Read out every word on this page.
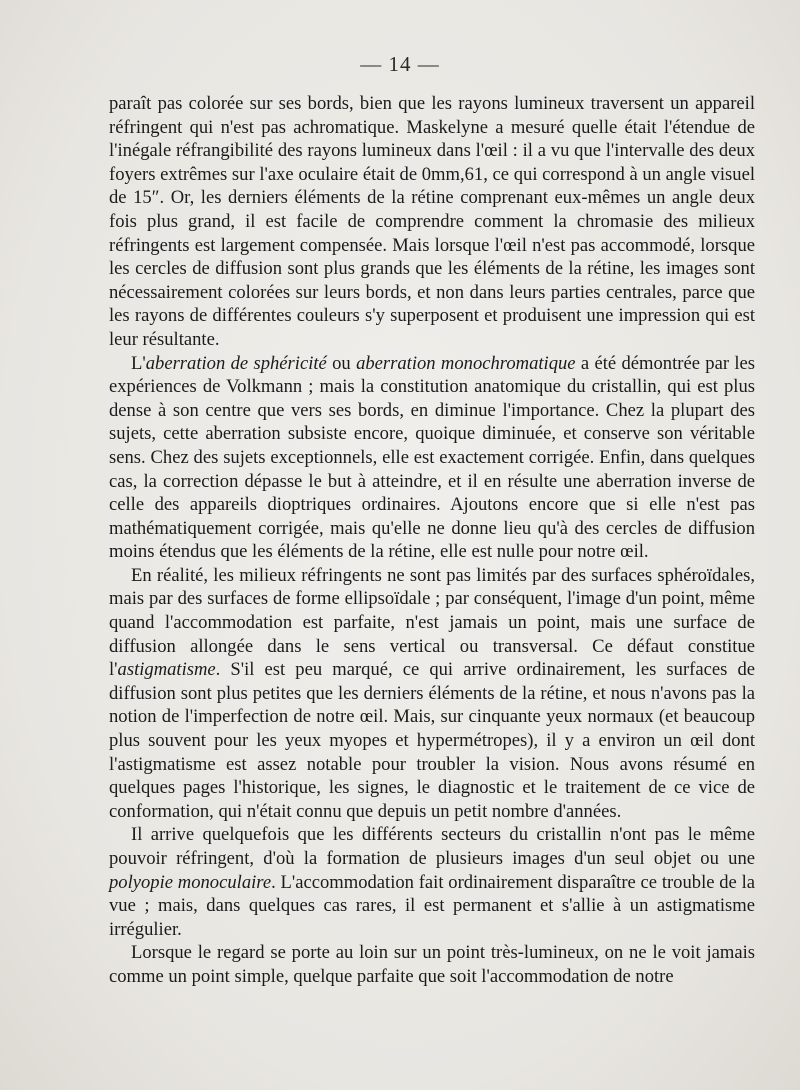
— 14 —

paraît pas colorée sur ses bords, bien que les rayons lumineux traversent un appareil réfringent qui n'est pas achromatique. Maskelyne a mesuré quelle était l'étendue de l'inégale réfrangibilité des rayons lumineux dans l'œil : il a vu que l'intervalle des deux foyers extrêmes sur l'axe oculaire était de 0mm,61, ce qui correspond à un angle visuel de 15″. Or, les derniers éléments de la rétine comprenant eux-mêmes un angle deux fois plus grand, il est facile de comprendre comment la chromasie des milieux réfringents est largement compensée. Mais lorsque l'œil n'est pas accommodé, lorsque les cercles de diffusion sont plus grands que les éléments de la rétine, les images sont nécessairement colorées sur leurs bords, et non dans leurs parties centrales, parce que les rayons de différentes couleurs s'y superposent et produisent une impression qui est leur résultante.

L'aberration de sphéricité ou aberration monochromatique a été démontrée par les expériences de Volkmann ; mais la constitution anatomique du cristallin, qui est plus dense à son centre que vers ses bords, en diminue l'importance. Chez la plupart des sujets, cette aberration subsiste encore, quoique diminuée, et conserve son véritable sens. Chez des sujets exceptionnels, elle est exactement corrigée. Enfin, dans quelques cas, la correction dépasse le but à atteindre, et il en résulte une aberration inverse de celle des appareils dioptriques ordinaires. Ajoutons encore que si elle n'est pas mathématiquement corrigée, mais qu'elle ne donne lieu qu'à des cercles de diffusion moins étendus que les éléments de la rétine, elle est nulle pour notre œil.

En réalité, les milieux réfringents ne sont pas limités par des surfaces sphéroïdales, mais par des surfaces de forme ellipsoïdale ; par conséquent, l'image d'un point, même quand l'accommodation est parfaite, n'est jamais un point, mais une surface de diffusion allongée dans le sens vertical ou transversal. Ce défaut constitue l'astigmatisme. S'il est peu marqué, ce qui arrive ordinairement, les surfaces de diffusion sont plus petites que les derniers éléments de la rétine, et nous n'avons pas la notion de l'imperfection de notre œil. Mais, sur cinquante yeux normaux (et beaucoup plus souvent pour les yeux myopes et hypermétropes), il y a environ un œil dont l'astigmatisme est assez notable pour troubler la vision. Nous avons résumé en quelques pages l'historique, les signes, le diagnostic et le traitement de ce vice de conformation, qui n'était connu que depuis un petit nombre d'années.

Il arrive quelquefois que les différents secteurs du cristallin n'ont pas le même pouvoir réfringent, d'où la formation de plusieurs images d'un seul objet ou une polyopie monoculaire. L'accommodation fait ordinairement disparaître ce trouble de la vue ; mais, dans quelques cas rares, il est permanent et s'allie à un astigmatisme irrégulier.

Lorsque le regard se porte au loin sur un point très-lumineux, on ne le voit jamais comme un point simple, quelque parfaite que soit l'accommodation de notre
